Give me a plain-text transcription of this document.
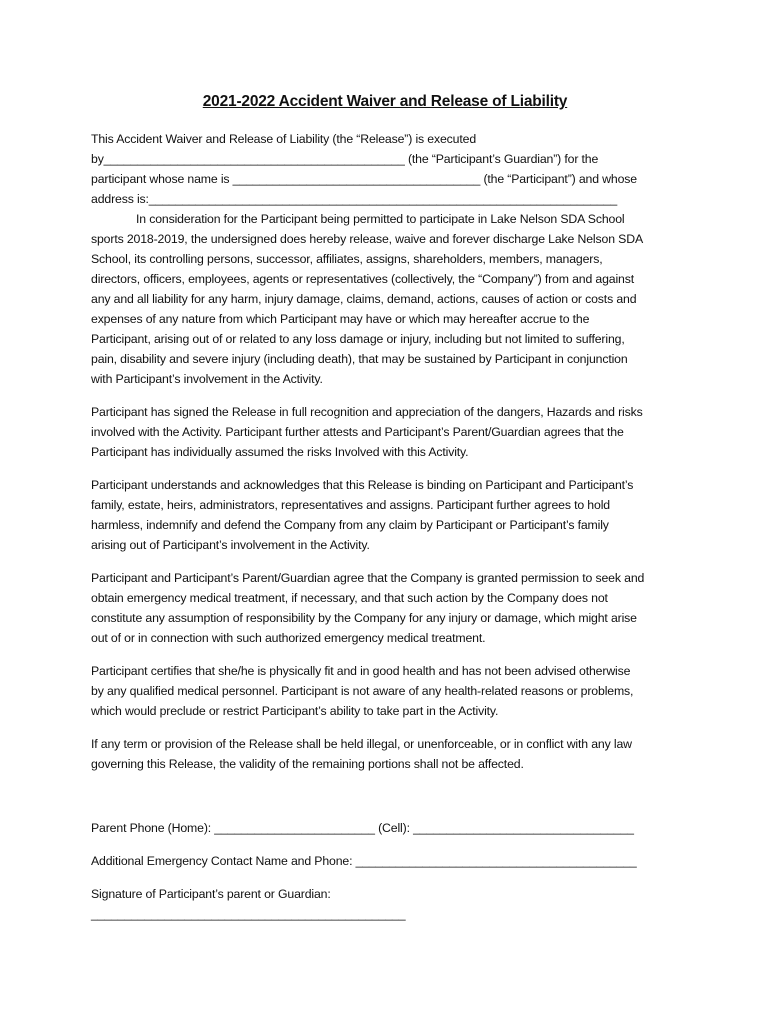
2021-2022 Accident Waiver and Release of Liability
This Accident Waiver and Release of Liability (the “Release”) is executed
by_____________________________________________ (the “Participant’s Guardian”) for the
participant whose name is _____________________________________ (the “Participant”) and whose
address is:______________________________________________________________________
In consideration for the Participant being permitted to participate in Lake Nelson SDA School
sports 2018-2019, the undersigned does hereby release, waive and forever discharge Lake Nelson SDA
School, its controlling persons, successor, affiliates, assigns, shareholders, members, managers,
directors, officers, employees, agents or representatives (collectively, the “Company”) from and against
any and all liability for any harm, injury damage, claims, demand, actions, causes of action or costs and
expenses of any nature from which Participant may have or which may hereafter accrue to the
Participant, arising out of or related to any loss damage or injury, including but not limited to suffering,
pain, disability and severe injury (including death), that may be sustained by Participant in conjunction
with Participant’s involvement in the Activity.
Participant has signed the Release in full recognition and appreciation of the dangers, Hazards and risks
involved with the Activity. Participant further attests and Participant’s Parent/Guardian agrees that the
Participant has individually assumed the risks Involved with this Activity.
Participant understands and acknowledges that this Release is binding on Participant and Participant’s
family, estate, heirs, administrators, representatives and assigns. Participant further agrees to hold
harmless, indemnify and defend the Company from any claim by Participant or Participant’s family
arising out of Participant’s involvement in the Activity.
Participant and Participant’s Parent/Guardian agree that the Company is granted permission to seek and
obtain emergency medical treatment, if necessary, and that such action by the Company does not
constitute any assumption of responsibility by the Company for any injury or damage, which might arise
out of or in connection with such authorized emergency medical treatment.
Participant certifies that she/he is physically fit and in good health and has not been advised otherwise
by any qualified medical personnel. Participant is not aware of any health-related reasons or problems,
which would preclude or restrict Participant’s ability to take part in the Activity.
If any term or provision of the Release shall be held illegal, or unenforceable, or in conflict with any law
governing this Release, the validity of the remaining portions shall not be affected.
Parent Phone (Home): ________________________ (Cell): _________________________________
Additional Emergency Contact Name and Phone: __________________________________________
Signature of Participant’s parent or Guardian:
_______________________________________________
